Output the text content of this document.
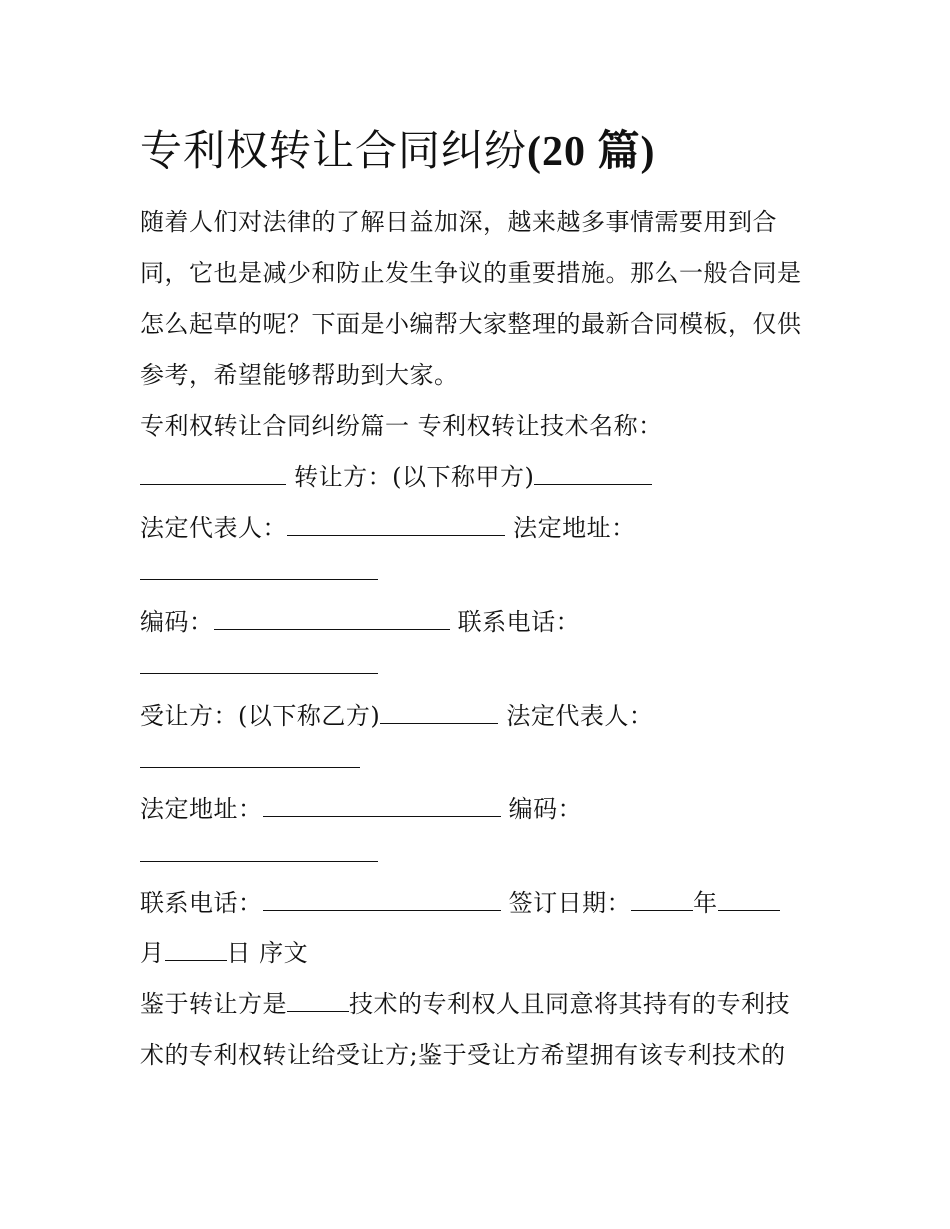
专利权转让合同纠纷(20 篇)

随着人们对法律的了解日益加深，越来越多事情需要用到合

同，它也是减少和防止发生争议的重要措施。那么一般合同是

怎么起草的呢？下面是小编帮大家整理的最新合同模板，仅供

参考，希望能够帮助到大家。

专利权转让合同纠纷篇一 专利权转让技术名称：

转让方：(以下称甲方)

法定代表人：	法定地址：

编码：	联系电话：

受让方：(以下称乙方)	法定代表人：

法定地址：	编码：

联系电话：	签订日期：	年

月	日 序文

鉴于转让方是	技术的专利权人且同意将其持有的专利技

术的专利权转让给受让方;鉴于受让方希望拥有该专利技术的
